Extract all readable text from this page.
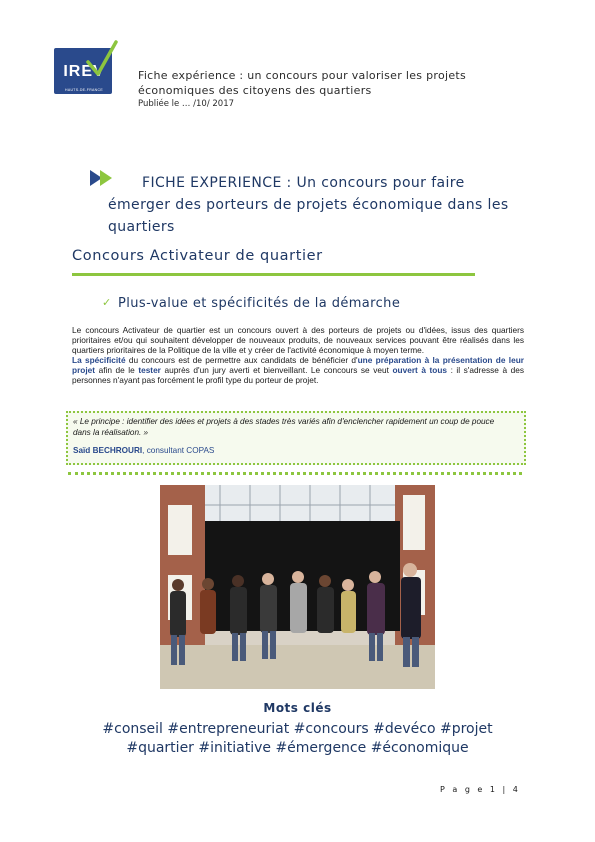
IREV
HAUTS-DE-FRANCE
Fiche expérience : un concours pour valoriser les projets économiques des citoyens des quartiers
Publiée le … /10/ 2017
FICHE EXPERIENCE : Un concours pour faire
émerger des porteurs de projets économique dans les quartiers
Concours Activateur de quartier
✓ Plus-value et spécificités de la démarche
Le concours Activateur de quartier est un concours ouvert à des porteurs de projets ou d'idées, issus des quartiers prioritaires et/ou qui souhaitent développer de nouveaux produits, de nouveaux services pouvant être réalisés dans les quartiers prioritaires de la Politique de la ville et y créer de l'activité économique à moyen terme.
La spécificité du concours est de permettre aux candidats de bénéficier d'une préparation à la présentation de leur projet afin de le tester auprès d'un jury averti et bienveillant. Le concours se veut ouvert à tous : il s'adresse à des personnes n'ayant pas forcément le profil type du porteur de projet.
« Le principe : identifier des idées et projets à des stades très variés afin d'enclencher rapidement un coup de pouce dans la réalisation. »
Saïd BECHROURI, consultant COPAS
Mots clés
#conseil #entrepreneuriat #concours #devéco #projet
#quartier #initiative #émergence #économique
P a g e 1 | 4
